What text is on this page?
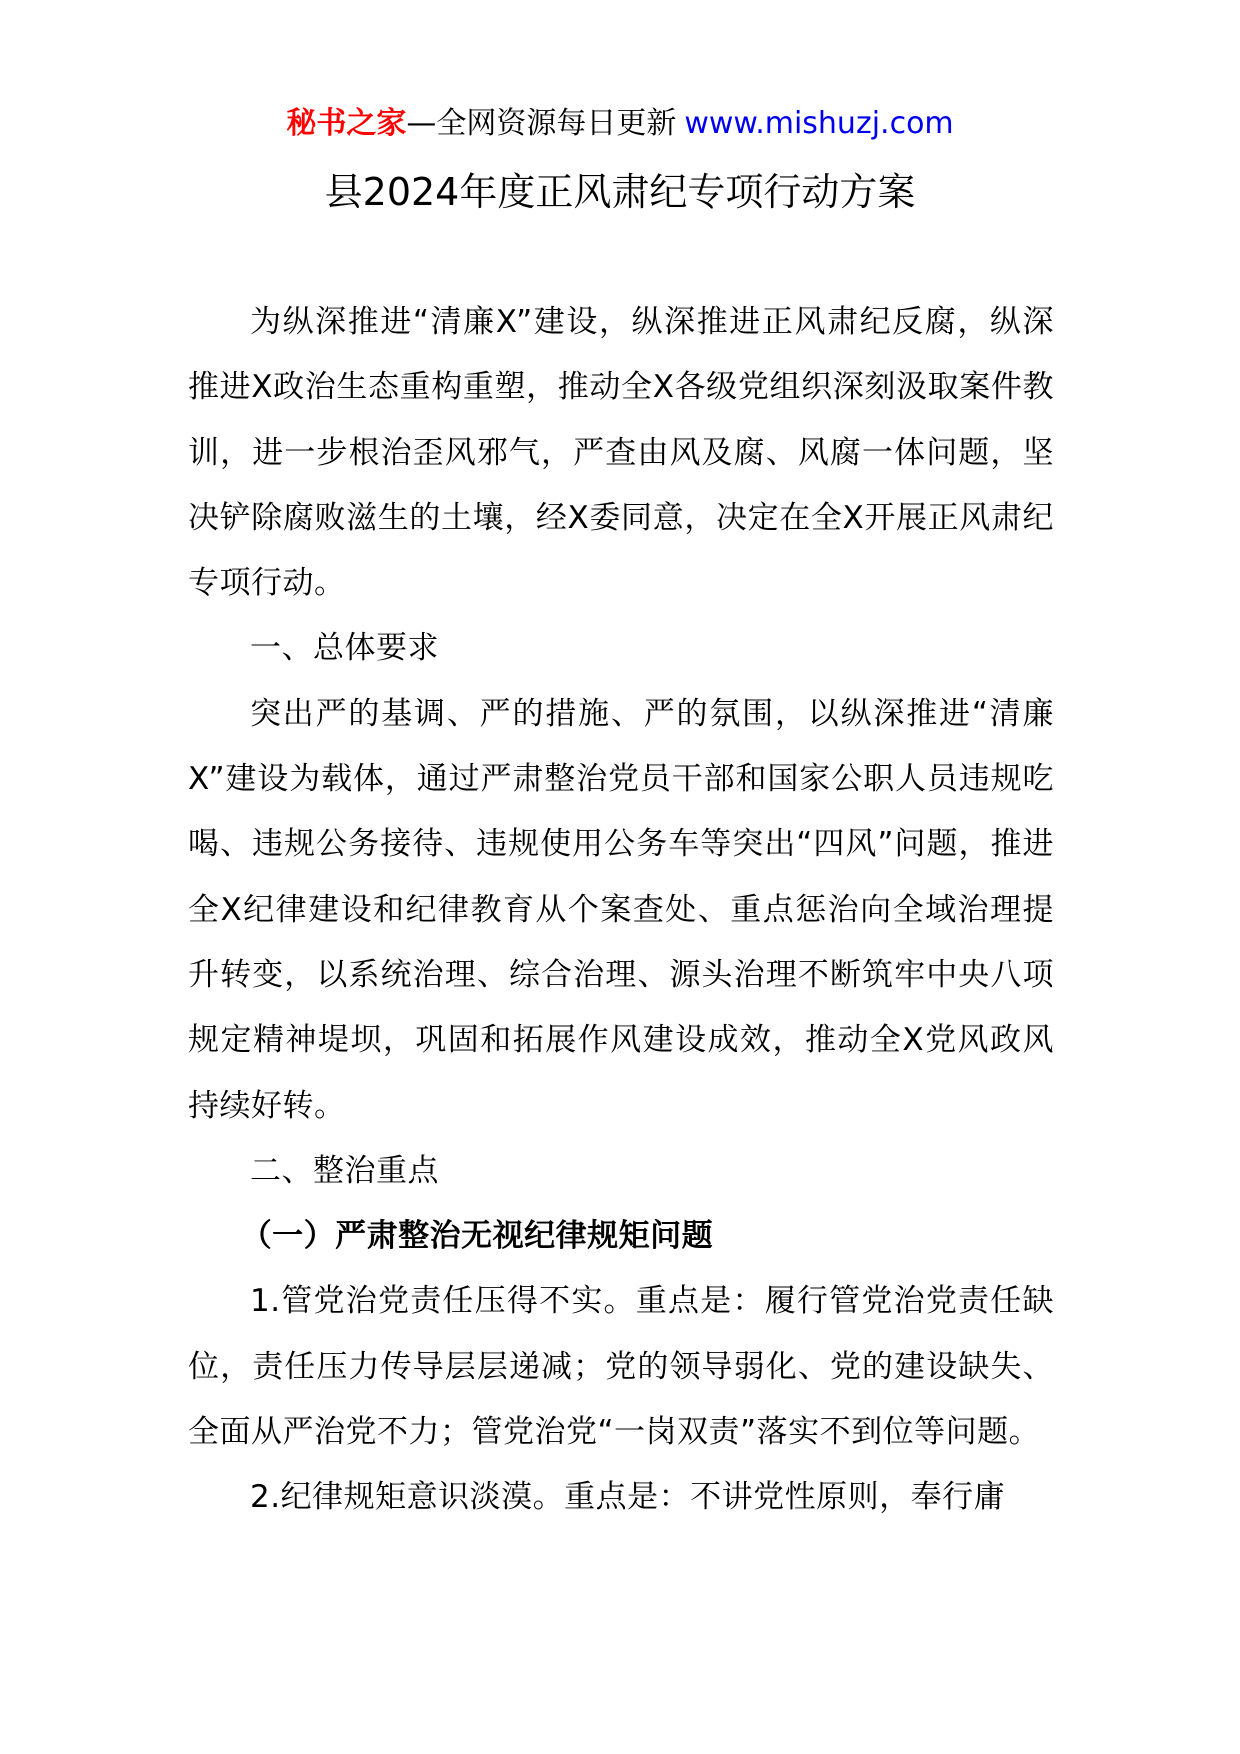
秘书之家—全网资源每日更新 www.mishuzj.com
县2024年度正风肃纪专项行动方案

为纵深推进“清廉X”建设，纵深推进正风肃纪反腐，纵深推进X政治生态重构重塑，推动全X各级党组织深刻汲取案件教训，进一步根治歪风邪气，严查由风及腐、风腐一体问题，坚决铲除腐败滋生的土壤，经X委同意，决定在全X开展正风肃纪专项行动。

一、总体要求

突出严的基调、严的措施、严的氛围，以纵深推进“清廉X”建设为载体，通过严肃整治党员干部和国家公职人员违规吃喝、违规公务接待、违规使用公务车等突出“四风”问题，推进全X纪律建设和纪律教育从个案查处、重点惩治向全域治理提升转变，以系统治理、综合治理、源头治理不断筑牢中央八项规定精神堤坝，巩固和拓展作风建设成效，推动全X党风政风持续好转。

二、整治重点

（一）严肃整治无视纪律规矩问题

1.管党治党责任压得不实。重点是：履行管党治党责任缺位，责任压力传导层层递减；党的领导弱化、党的建设缺失、全面从严治党不力；管党治党“一岗双责”落实不到位等问题。

2.纪律规矩意识淡漠。重点是：不讲党性原则，奉行庸
